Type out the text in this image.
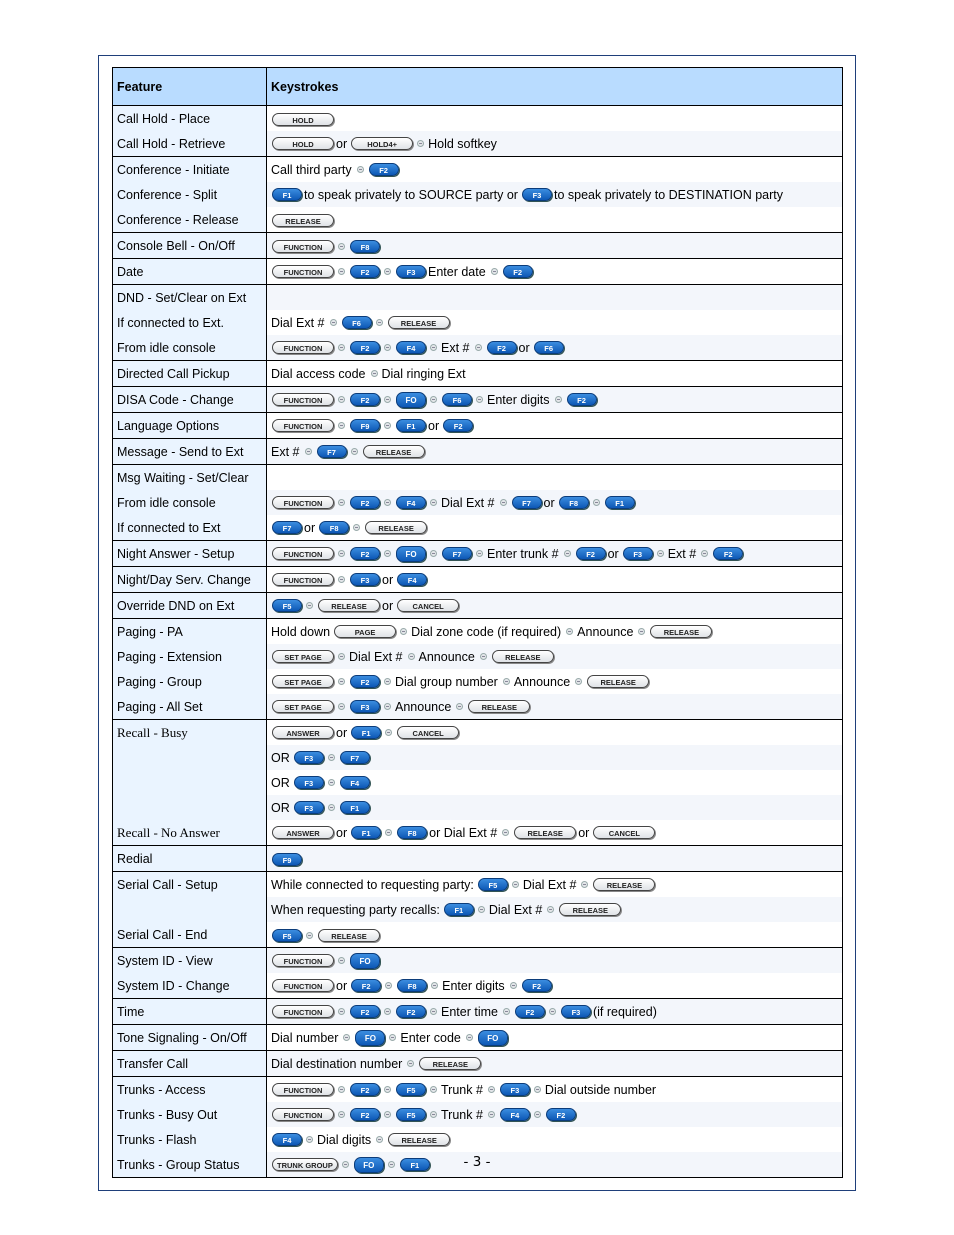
Feature	Keystrokes
Call Hold - Place	HOLD
Call Hold - Retrieve	HOLD or HOLD4+ Hold softkey
Conference - Initiate	Call third party F2
Conference - Split	F1 to speak privately to SOURCE party or F3 to speak privately to DESTINATION party
Conference - Release	RELEASE
Console Bell - On/Off	FUNCTION F8
Date	FUNCTION F2 F3 Enter date F2
DND - Set/Clear on Ext	
If connected to Ext.	Dial Ext # F6 RELEASE
From idle console	FUNCTION F2 F4 Ext # F2 or F6
Directed Call Pickup	Dial access code Dial ringing Ext
DISA Code - Change	FUNCTION F2 FO F6 Enter digits F2
Language Options	FUNCTION F9 F1 or F2
Message - Send to Ext	Ext # F7 RELEASE
Msg Waiting - Set/Clear	
From idle console	FUNCTION F2 F4 Dial Ext # F7 or F8 F1
If connected to Ext	F7 or F8 RELEASE
Night Answer - Setup	FUNCTION F2 FO F7 Enter trunk # F2 or F3 Ext # F2
Night/Day Serv. Change	FUNCTION F3 or F4
Override DND on Ext	F5 RELEASE or CANCEL
Paging - PA	Hold down PAGE Dial zone code (if required) Announce RELEASE
Paging - Extension	SET PAGE Dial Ext # Announce RELEASE
Paging - Group	SET PAGE F2 Dial group number Announce RELEASE
Paging - All Set	SET PAGE F3 Announce RELEASE
Recall - Busy	ANSWER or F1 CANCEL
	OR F3 F7
	OR F3 F4
	OR F3 F1
Recall - No Answer	ANSWER or F1 F8 or Dial Ext # RELEASE or CANCEL
Redial	F9
Serial Call - Setup	While connected to requesting party: F5 Dial Ext # RELEASE
	When requesting party recalls: F1 Dial Ext # RELEASE
Serial Call - End	F5 RELEASE
System ID - View	FUNCTION FO
System ID - Change	FUNCTION or F2 F8 Enter digits F2
Time	FUNCTION F2 F2 Enter time F2 F3 (if required)
Tone Signaling - On/Off	Dial number FO Enter code FO
Transfer Call	Dial destination number RELEASE
Trunks - Access	FUNCTION F2 F5 Trunk # F3 Dial outside number
Trunks - Busy Out	FUNCTION F2 F5 Trunk # F4 F2
Trunks - Flash	F4 Dial digits RELEASE
Trunks - Group Status	TRUNK GROUP FO F1	- 3 -
